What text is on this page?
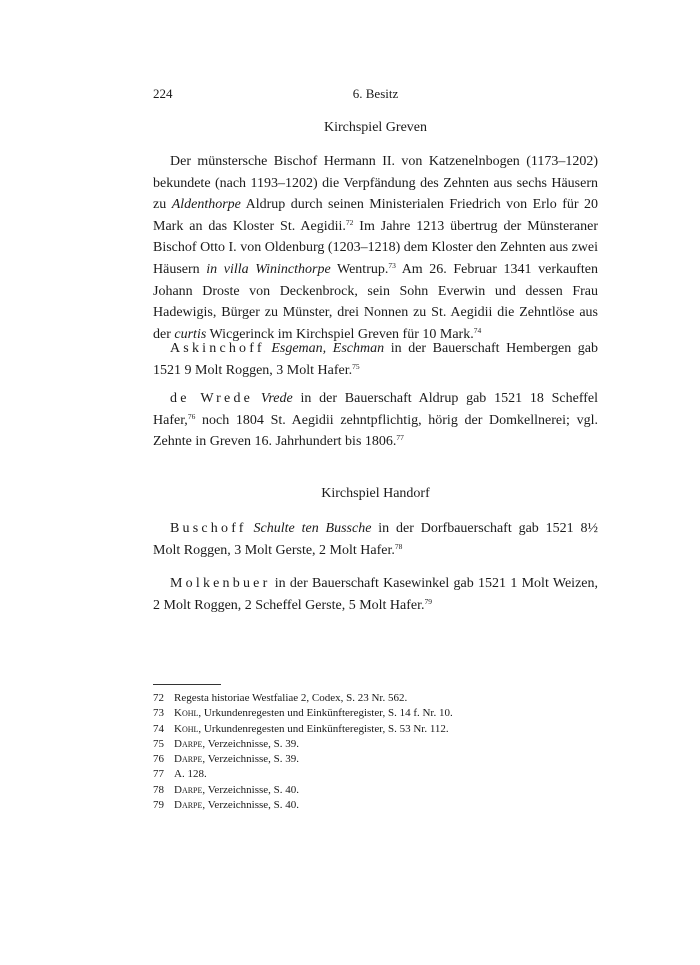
224	6. Besitz
Kirchspiel Greven

Der münstersche Bischof Hermann II. von Katzenelnbogen (1173–1202) bekundete (nach 1193–1202) die Verpfändung des Zehnten aus sechs Häusern zu Aldenthorpe Aldrup durch seinen Ministerialen Friedrich von Erlo für 20 Mark an das Kloster St. Aegidii.$^{72}$ Im Jahre 1213 übertrug der Münsteraner Bischof Otto I. von Oldenburg (1203–1218) dem Kloster den Zehnten aus zwei Häusern in villa Winincthorpe Wentrup.$^{73}$ Am 26. Februar 1341 verkauften Johann Droste von Deckenbrock, sein Sohn Everwin und dessen Frau Hadewigis, Bürger zu Münster, drei Nonnen zu St. Aegidii die Zehntlöse aus der curtis Wicgerinck im Kirchspiel Greven für 10 Mark.$^{74}$

Askinchoff Esgeman, Eschman in der Bauerschaft Hembergen gab 1521 9 Molt Roggen, 3 Molt Hafer.$^{75}$

de Wrede Vrede in der Bauerschaft Aldrup gab 1521 18 Scheffel Hafer,$^{76}$ noch 1804 St. Aegidii zehntpflichtig, hörig der Domkellnerei; vgl. Zehnte in Greven 16. Jahrhundert bis 1806.77

Kirchspiel Handorf

Buschoff Schulte ten Bussche in der Dorfbauerschaft gab 1521 8½ Molt Roggen, 3 Molt Gerste, 2 Molt Hafer.$^{78}$

Molkenbuer in der Bauerschaft Kasewinkel gab 1521 1 Molt Weizen, 2 Molt Roggen, 2 Scheffel Gerste, 5 Molt Hafer.$^{79}$

72 Regesta historiae Westfaliae 2, Codex, S. 23 Nr. 562.
73 Kohl, Urkundenregesten und Einkünfteregister, S. 14 f. Nr. 10.
74 Kohl, Urkundenregesten und Einkünfteregister, S. 53 Nr. 112.
75 Darpe, Verzeichnisse, S. 39.
76 Darpe, Verzeichnisse, S. 39.
77 A. 128.
78 Darpe, Verzeichnisse, S. 40.
79 Darpe, Verzeichnisse, S. 40.
